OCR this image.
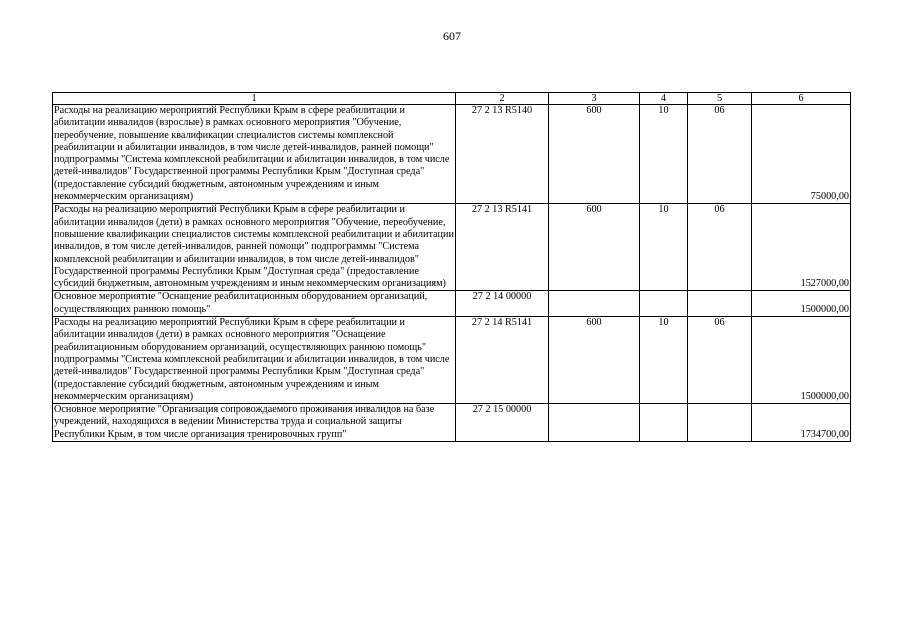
607
1	2	3	4	5	6
Расходы на реализацию мероприятий Республики Крым в сфере реабилитации и абилитации инвалидов (взрослые) в рамках основного мероприятия "Обучение, переобучение, повышение квалификации специалистов системы комплексной реабилитации и абилитации инвалидов, в том числе детей-инвалидов, ранней помощи" подпрограммы "Система комплексной реабилитации и абилитации инвалидов, в том числе детей-инвалидов" Государственной программы Республики Крым "Доступная среда" (предоставление субсидий бюджетным, автономным учреждениям и иным некоммерческим организациям)	27 2 13 R5140	600	10	06	75000,00
Расходы на реализацию мероприятий Республики Крым в сфере реабилитации и абилитации инвалидов (дети) в рамках основного мероприятия "Обучение, переобучение, повышение квалификации специалистов системы комплексной реабилитации и абилитации инвалидов, в том числе детей-инвалидов, ранней помощи" подпрограммы "Система комплексной реабилитации и абилитации инвалидов, в том числе детей-инвалидов" Государственной программы Республики Крым "Доступная среда" (предоставление субсидий бюджетным, автономным учреждениям и иным некоммерческим организациям)	27 2 13 R5141	600	10	06	1527000,00
Основное мероприятие "Оснащение реабилитационным оборудованием организаций, осуществляющих раннюю помощь"	27 2 14 00000				1500000,00
Расходы на реализацию мероприятий Республики Крым в сфере реабилитации и абилитации инвалидов (дети) в рамках основного мероприятия "Оснащение реабилитационным оборудованием организаций, осуществляющих раннюю помощь" подпрограммы "Система комплексной реабилитации и абилитации инвалидов, в том числе детей-инвалидов" Государственной программы Республики Крым "Доступная среда" (предоставление субсидий бюджетным, автономным учреждениям и иным некоммерческим организациям)	27 2 14 R5141	600	10	06	1500000,00
Основное мероприятие "Организация сопровождаемого проживания инвалидов на базе учреждений, находящихся в ведении Министерства труда и социальной защиты Республики Крым, в том числе организация тренировочных групп"	27 2 15 00000				1734700,00
